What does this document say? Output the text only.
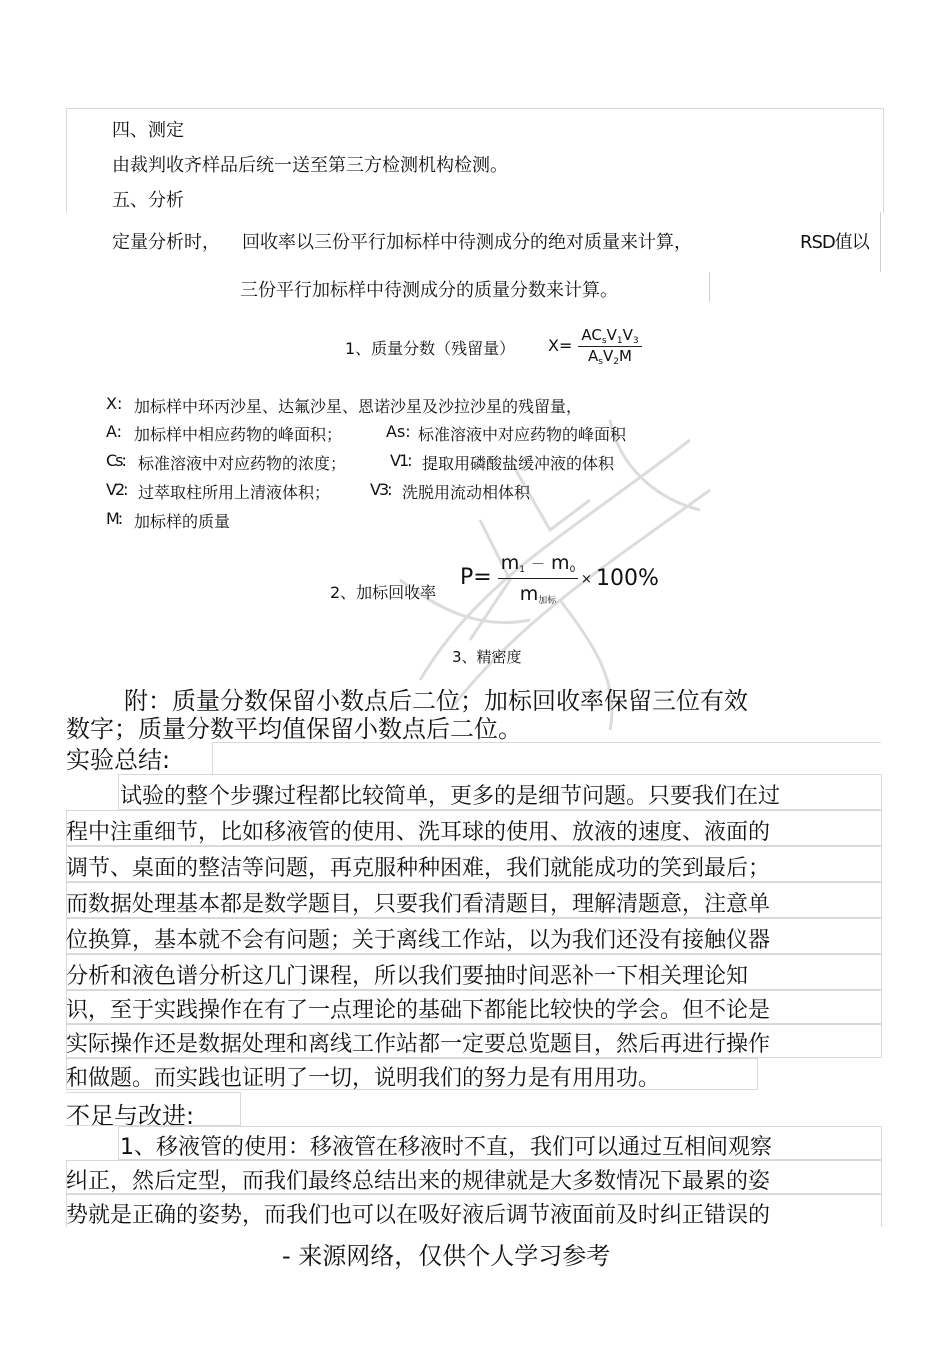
四、测定
由裁判收齐样品后统一送至第三方检测机构检测。
五、分析
定量分析时， 回收率以三份平行加标样中待测成分的绝对质量来计算，	RSD值以
三份平行加标样中待测成分的质量分数来计算。
1、质量分数（残留量） X=
$AC_sV_1V_3$
$A_sV_2M$
X: 加标样中环丙沙星、达氟沙星、恩诺沙星及沙拉沙星的残留量，
A: 加标样中相应药物的峰面积；	As: 标准溶液中对应药物的峰面积
Cs: 标准溶液中对应药物的浓度；	V1: 提取用磷酸盐缓冲液的体积
V2: 过萃取柱所用上清液体积； V3: 洗脱用流动相体积
M: 加标样的质量
2、加标回收率
P=
$m_1 - m_0$
$m_{加标}$
× 100%
3、精密度
附：质量分数保留小数点后二位；加标回收率保留三位有效
数字；质量分数平均值保留小数点后二位。
实验总结:
试验的整个步骤过程都比较简单，更多的是细节问题。只要我们在过
程中注重细节，比如移液管的使用、洗耳球的使用、放液的速度、液面的
调节、桌面的整洁等问题，再克服种种困难，我们就能成功的笑到最后；
而数据处理基本都是数学题目，只要我们看清题目，理解清题意，注意单
位换算，基本就不会有问题；关于离线工作站，以为我们还没有接触仪器
分析和液色谱分析这几门课程，所以我们要抽时间恶补一下相关理论知
识，至于实践操作在有了一点理论的基础下都能比较快的学会。但不论是
实际操作还是数据处理和离线工作站都一定要总览题目，然后再进行操作
和做题。而实践也证明了一切，说明我们的努力是有用用功。
不足与改进:
1、移液管的使用：移液管在移液时不直，我们可以通过互相间观察
纠正，然后定型，而我们最终总结出来的规律就是大多数情况下最累的姿
势就是正确的姿势，而我们也可以在吸好液后调节液面前及时纠正错误的
- 来源网络，仅供个人学习参考
